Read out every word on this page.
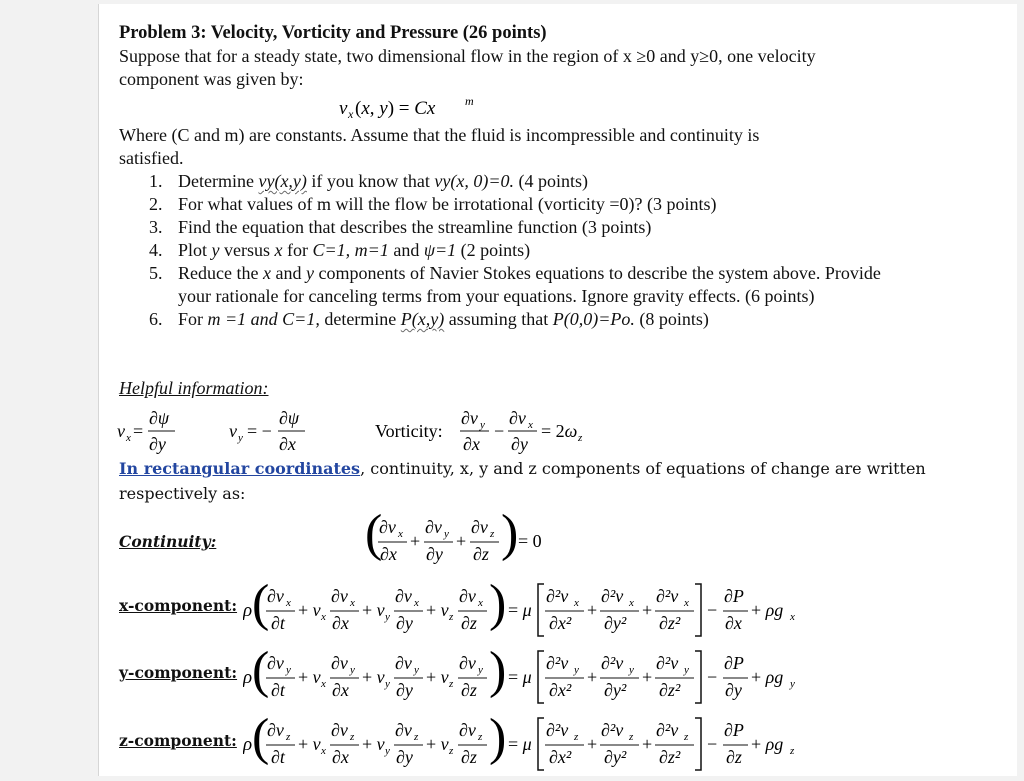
Problem 3: Velocity, Vorticity and Pressure (26 points)
Suppose that for a steady state, two dimensional flow in the region of x ≥0 and y≥0, one velocity
component was given by:
v x (x, y) = Cx m
Where (C and m) are constants. Assume that the fluid is incompressible and continuity is
satisfied.
1. Determine vy(x,y) if you know that vy(x, 0)=0. (4 points)
2. For what values of m will the flow be irrotational (vorticity =0)? (3 points)
3. Find the equation that describes the streamline function (3 points)
4. Plot y versus x for C=1, m=1 and ψ=1 (2 points)
5. Reduce the x and y components of Navier Stokes equations to describe the system above. Provide your rationale for canceling terms from your equations. Ignore gravity effects. (6 points)
6. For m =1 and C=1, determine P(x,y) assuming that P(0,0)=Po. (8 points)
Helpful information:
v x =
∂ψ
∂y
v y = −
∂ψ
∂x
Vorticity:
∂v y
∂x
−
∂v x
∂y
= 2ω z
In rectangular coordinates, continuity, x, y and z components of equations of change are written
respectively as:
Continuity:	(
∂v x
∂x
+
∂v y
∂y
+
∂v z
∂z ) = 0
x-component: ρ (
∂v x
∂t
+ v x
∂v x
∂x
+ v y
∂v x
∂y
+ v z
∂v x
∂z ) = μ
∂²v x
∂x²
+
∂²v x
∂y²
+
∂²v x
∂z²
−
∂P
∂x
+ ρg x
y-component: ρ (
∂v y
∂t
+ v x
∂v y
∂x
+ v y
∂v y
∂y
+ v z
∂v y
∂z ) = μ
∂²v y
∂x²
+
∂²v y
∂y²
+
∂²v y
∂z²
−
∂P
∂y
+ ρg y
z-component: ρ (
∂v z
∂t
+ v x
∂v z
∂x
+ v y
∂v z
∂y
+ v z
∂v z
∂z ) = μ
∂²v z
∂x²
+
∂²v z
∂y²
+
∂²v z
∂z²
−
∂P
∂z
+ ρg z
